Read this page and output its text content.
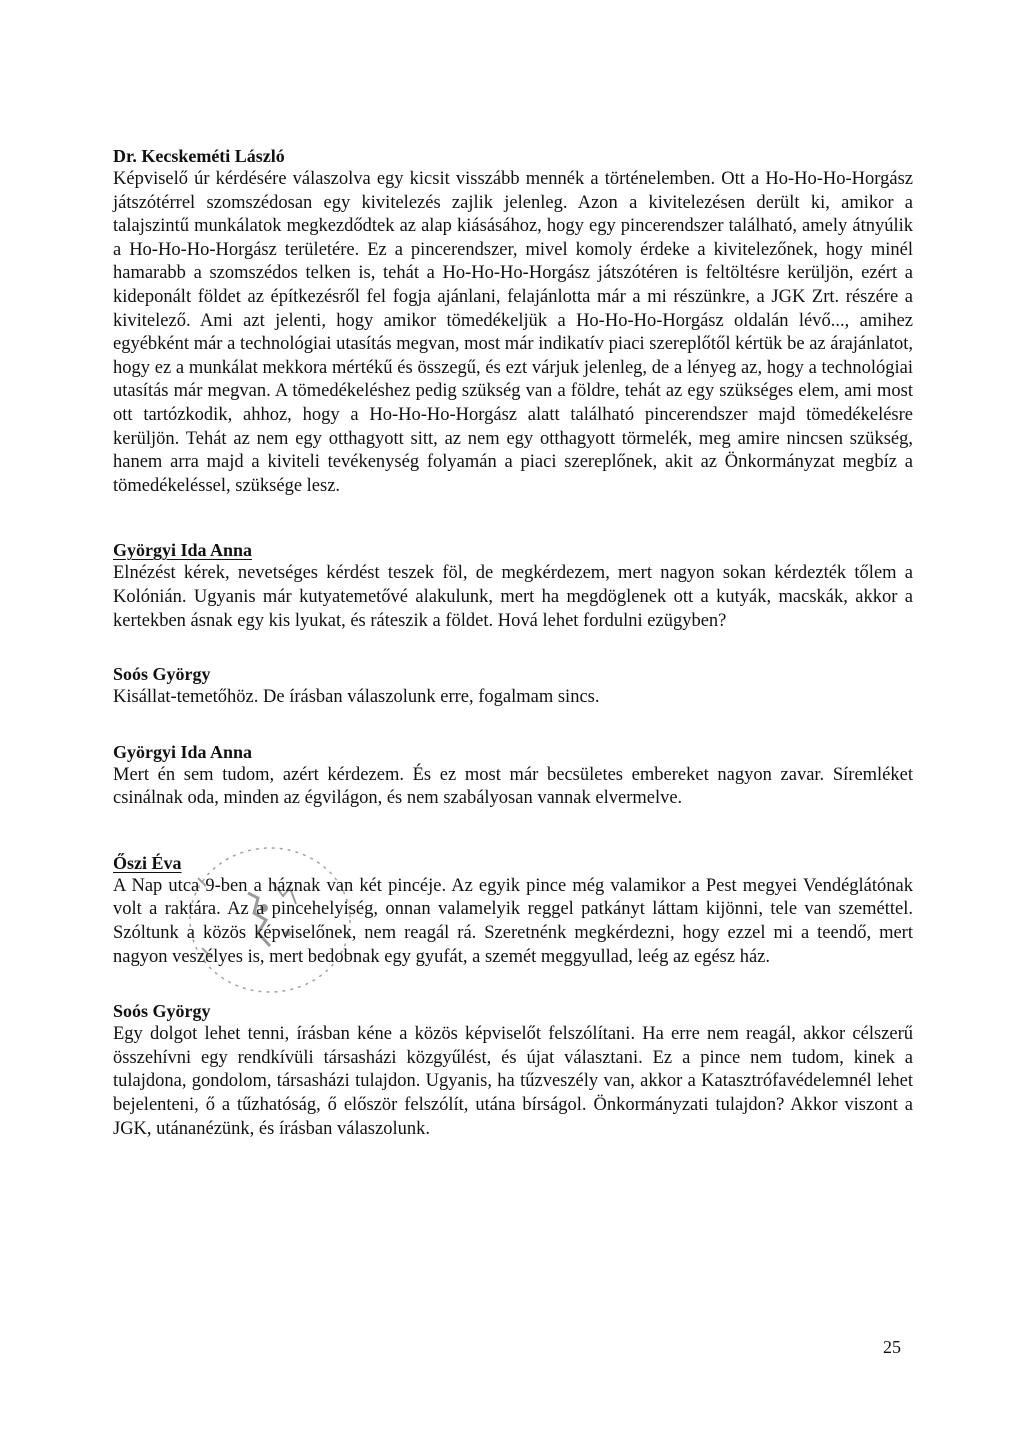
Dr. Kecskeméti László

Képviselő úr kérdésére válaszolva egy kicsit visszább mennék a történelemben. Ott a Ho-Ho-Ho-Horgász játszótérrel szomszédosan egy kivitelezés zajlik jelenleg. Azon a kivitelezésen derült ki, amikor a talajszintű munkálatok megkezdődtek az alap kiásásához, hogy egy pincerendszer található, amely átnyúlik a Ho-Ho-Ho-Horgász területére. Ez a pincerendszer, mivel komoly érdeke a kivitelezőnek, hogy minél hamarabb a szomszédos telken is, tehát a Ho-Ho-Ho-Horgász játszótéren is feltöltésre kerüljön, ezért a kideponált földet az építkezésről fel fogja ajánlani, felajánlotta már a mi részünkre, a JGK Zrt. részére a kivitelező. Ami azt jelenti, hogy amikor tömedékeljük a Ho-Ho-Ho-Horgász oldalán lévő..., amihez egyébként már a technológiai utasítás megvan, most már indikatív piaci szereplőtől kértük be az árajánlatot, hogy ez a munkálat mekkora mértékű és összegű, és ezt várjuk jelenleg, de a lényeg az, hogy a technológiai utasítás már megvan. A tömedékeléshez pedig szükség van a földre, tehát az egy szükséges elem, ami most ott tartózkodik, ahhoz, hogy a Ho-Ho-Ho-Horgász alatt található pincerendszer majd tömedékelésre kerüljön. Tehát az nem egy otthagyott sitt, az nem egy otthagyott törmelék, meg amire nincsen szükség, hanem arra majd a kiviteli tevékenység folyamán a piaci szereplőnek, akit az Önkormányzat megbíz a tömedékeléssel, szüksége lesz.

Györgyi Ida Anna

Elnézést kérek, nevetséges kérdést teszek föl, de megkérdezem, mert nagyon sokan kérdezték tőlem a Kolónián. Ugyanis már kutyatemetővé alakulunk, mert ha megdöglenek ott a kutyák, macskák, akkor a kertekben ásnak egy kis lyukat, és ráteszik a földet. Hová lehet fordulni ezügyben?

Soós György

Kisállat-temetőhöz. De írásban válaszolunk erre, fogalmam sincs.

Györgyi Ida Anna

Mert én sem tudom, azért kérdezem. És ez most már becsületes embereket nagyon zavar. Síremléket csinálnak oda, minden az égvilágon, és nem szabályosan vannak elvermelve.

Őszi Éva

A Nap utca 9-ben a háznak van két pincéje. Az egyik pince még valamikor a Pest megyei Vendéglátónak volt a raktára. Az a pincehelyiség, onnan valamelyik reggel patkányt láttam kijönni, tele van szeméttel. Szóltunk a közös képviselőnek, nem reagál rá. Szeretnénk megkérdezni, hogy ezzel mi a teendő, mert nagyon veszélyes is, mert bedobnak egy gyufát, a szemét meggyullad, leég az egész ház.

Soós György

Egy dolgot lehet tenni, írásban kéne a közös képviselőt felszólítani. Ha erre nem reagál, akkor célszerű összehívni egy rendkívüli társasházi közgyűlést, és újat választani. Ez a pince nem tudom, kinek a tulajdona, gondolom, társasházi tulajdon. Ugyanis, ha tűzveszély van, akkor a Katasztrófavédelemnél lehet bejelenteni, ő a tűzhatóság, ő először felszólít, utána bírságol. Önkormányzati tulajdon? Akkor viszont a JGK, utánanézünk, és írásban válaszolunk.

25
